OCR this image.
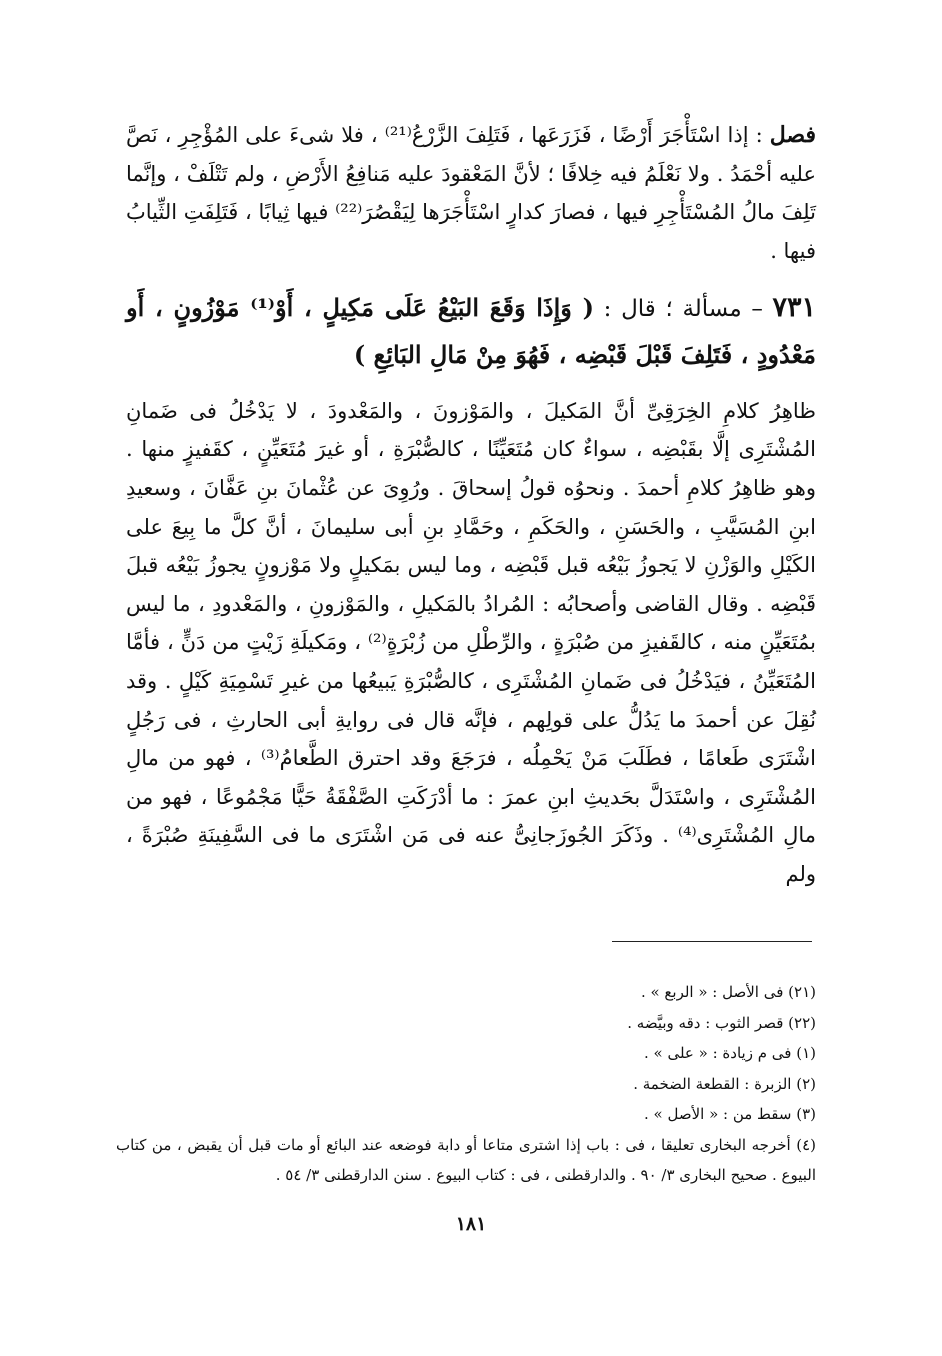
فصل : إذا اسْتَأْجَرَ أَرْضًا ، فَزَرَعَها ، فَتَلِفَ الزَّرْعُ⁽²¹⁾ ، فلا شىءَ على المُؤْجِرِ ، نَصَّ عليه أحْمَدُ . ولا نَعْلَمُ فيه خِلافًا ؛ لأنَّ المَعْقودَ عليه مَنافِعُ الأَرْضِ ، ولم تَتْلَفْ ، وإنَّما تَلِفَ مالُ المُسْتَأْجِرِ فيها ، فصارَ كدارٍ اسْتَأْجَرَها لِيَقْصُرَ⁽²²⁾ فيها ثِيابًا ، فَتَلِفَتِ الثِّيابُ فيها .

٧٣١ – مسألة ؛ قال : ( وَإِذَا وَقَعَ البَيْعُ عَلَى مَكِيلٍ ، أَوْ⁽¹⁾ مَوْزُونٍ ، أَو مَعْدُودٍ ، فَتَلِفَ قَبْلَ قَبْضِه ، فَهُوَ مِنْ مَالِ البَائِعِ )

ظاهِرُ كلامِ الخِرَقِىِّ أنَّ المَكيلَ ، والمَوْزونَ ، والمَعْدودَ ، لا يَدْخُلُ فى ضَمانِ المُشْتَرِى إلَّا بقَبْضِه ، سواءٌ كان مُتَعَيِّنًا ، كالصُّبْرَةِ ، أو غيرَ مُتَعَيِّنٍ ، كقَفيزٍ منها . وهو ظاهِرُ كلامِ أحمدَ . ونحوُه قولُ إسحاقَ . ورُوِىَ عن عُثْمانَ بنِ عَفَّانَ ، وسعيدِ ابنِ المُسَيَّبِ ، والحَسَنِ ، والحَكَمِ ، وحَمَّادِ بنِ أبى سليمانَ ، أنَّ كلَّ ما بِيعَ على الكَيْلِ والوَزْنِ لا يَجوزُ بَيْعُه قبل قَبْضِه ، وما ليس بمَكيلٍ ولا مَوْزونٍ يجوزُ بَيْعُه قبلَ قَبْضِه . وقال القاضى وأصحابُه : المُرادُ بالمَكيلِ ، والمَوْزونِ ، والمَعْدودِ ، ما ليس بمُتَعَيِّنٍ منه ، كالقَفيزِ من صُبْرَةٍ ، والرِّطْلِ من زُبْرَةٍ⁽²⁾ ، ومَكيلَةِ زَيْتٍ من دَنٍّ ، فأمَّا المُتَعَيِّنُ ، فيَدْخُلُ فى ضَمانِ المُشْتَرِى ، كالصُّبْرَةِ يَبيعُها من غيرِ تَسْمِيَةِ كَيْلٍ . وقد نُقِلَ عن أحمدَ ما يَدُلُّ على قولِهم ، فإنَّه قال فى روايةِ أبى الحارثِ ، فى رَجُلٍ اشْتَرَى طَعامًا ، فطَلَبَ مَنْ يَحْمِلُه ، فرَجَعَ وقد احترق الطَّعامُ⁽³⁾ ، فهو من مالِ المُشْتَرِى ، واسْتَدَلَّ بحَديثِ ابنِ عمرَ : ما أدْرَكَتِ الصَّفْقَةُ حَيًّا مَجْمُوعًا ، فهو من مالِ المُشْتَرِى⁽⁴⁾ . وذَكَرَ الجُوزَجانِىُّ عنه فى مَن اشْتَرَى ما فى السَّفِينَةِ صُبْرَةً ، ولم

(٢١) فى الأصل : « الربع » .

(٢٢) قصر الثوب : دقه وبيَّضه .

(١) فى م زيادة : « على » .

(٢) الزبرة : القطعة الضخمة .

(٣) سقط من : « الأصل » .

(٤) أخرجه البخارى تعليقا ، فى : باب إذا اشترى متاعا أو دابة فوضعه عند البائع أو مات قبل أن يقبض ، من كتاب البيوع . صحيح البخارى ٣/ ٩٠ . والدارقطنى ، فى : كتاب البيوع . سنن الدارقطنى ٣/ ٥٤ .

١٨١
